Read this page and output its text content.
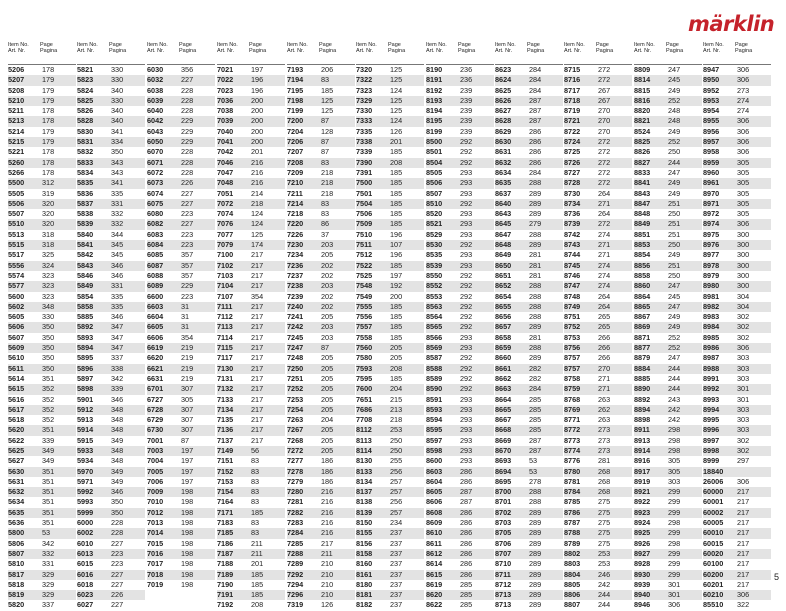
märklin
Item No.
Art. Nr.
Page
Pagina
5206 178
5207 179
5208 179
5210 179
5211 178
5213 178
5214 179
5215 179
5221 178
5260 178
5266 178
5500 312
5505 319
5506 320
5507 320
5510 320
5513 318
5515 318
5517 325
5556 324
5574 323
5577 323
5600 323
5602 348
5605 330
5606 350
5607 350
5609 350
5610 350
5611 350
5614 351
5615 352
5616 352
5617 352
5618 352
5620 351
5622 339
5625 349
5627 349
5630 351
5631 351
5632 351
5634 351
5635 351
5636 351
5800 53
5806 342
5807 332
5810 331
5817 329
5818 329
5819 329
5820 337
Item No.
Art. Nr.
Page
Pagina
5821 330
5823 330
5824 340
5825 330
5826 340
5828 340
5830 341
5831 334
5832 350
5833 343
5834 343
5835 341
5836 335
5837 331
5838 332
5839 332
5840 344
5841 345
5842 345
5843 346
5846 346
5849 331
5854 335
5858 335
5885 346
5892 347
5893 347
5894 347
5895 337
5896 338
5897 342
5898 339
5901 346
5912 348
5913 348
5914 348
5915 349
5933 348
5934 348
5970 349
5971 349
5992 346
5993 350
5999 350
6000 228
6002 228
6010 227
6013 223
6015 223
6016 227
6018 227
6023 226
6027 227
Item No.
Art. Nr.
Page
Pagina
6030 356
6032 227
6038 228
6039 228
6040 228
6042 229
6043 229
6050 229
6070 228
6071 228
6072 228
6073 226
6074 227
6075 227
6080 223
6082 227
6083 223
6084 223
6085 357
6087 357
6088 357
6089 229
6600 223
6603 31
6604 31
6605 31
6606 354
6619 219
6620 219
6621 219
6631 219
6701 307
6727 305
6728 307
6729 307
6730 307
7001 87
7003 197
7004 197
7005 197
7006 197
7009 198
7010 198
7012 198
7013 198
7014 198
7015 198
7016 198
7017 198
7018 198
7019 198
Item No.
Art. Nr.
Page
Pagina
7021 197
7022 196
7023 196
7036 200
7038 200
7039 200
7040 200
7041 200
7042 201
7046 216
7047 216
7048 216
7051 214
7072 218
7074 124
7076 124
7077 125
7079 174
7100 217
7102 217
7103 217
7104 217
7107 354
7111	217
7112 217
7113 217
7114 217
7115 217
7117 217
7130 217
7131 217
7132 217
7133 217
7134 217
7135 217
7136 217
7137 217
7149 56
7151 83
7152 83
7153 83
7154 83
7164 83
7171 185
7183 83
7185 83
7186 211
7187 211
7188 201
7189 185
7190 185
7191 185
7192 208
Item No.
Art. Nr.
Page
Pagina
7193 206
7194 83
7195 185
7198 125
7199 125
7200 87
7204 128
7206 87
7207 87
7208 83
7209 218
7210 218
7211 218
7214 83
7218 83
7220 86
7226 37
7230 203
7234 205
7236 202
7237 202
7238 203
7239 202
7240 202
7241 205
7242 203
7245 203
7247 87
7248 205
7250 205
7251 205
7252 205
7253 205
7254 205
7263 204
7267 205
7268 205
7272 205
7277 186
7278 186
7279 186
7280 216
7281 216
7282 216
7283 216
7284 216
7285 217
7288 211
7289 210
7292 210
7294 210
7296 210
7319 126
Item No.
Art. Nr.
Page
Pagina
7320 125
7322 125
7323 124
7329 125
7330 125
7333 124
7335 126
7338 201
7339 185
7390 208
7391 185
7500 185
7501 185
7504 185
7506 185
7509 185
7510 196
7511 107
7512 196
7522 185
7525 197
7548 192
7549 200
7555 185
7556 185
7557 185
7558 185
7560 205
7580 205
7593 208
7595 185
7600 204
7651 215
7686 213
7708 218
8112 253
8113 250
8114 250
8130 255
8133 256
8134 257
8137 257
8138 256
8139 257
8150 234
8155 237
8156 237
8158 237
8160 237
8161 237
8180 237
8181 237
8182 237
Item No.
Art. Nr.
Page
Pagina
8190 236
8191 236
8192 239
8193 239
8194 239
8195 239
8199 239
8500 292
8501 292
8504 292
8505 293
8506 293
8507 293
8510 292
8520 293
8521 293
8529 293
8530 292
8535 293
8539 293
8550 292
8552 292
8553 292
8563 292
8564 292
8565 292
8566 293
8569 293
8587 292
8588 292
8589 292
8590 292
8591 293
8593 293
8594 293
8595 293
8597 293
8598 293
8600 293
8603 286
8604 286
8605 287
8606 287
8608 286
8609 286
8610 286
8611 286
8612 286
8614 286
8615 286
8619 285
8620 285
8622 285
Item No.
Art. Nr.
Page
Pagina
8623 284
8624 284
8625 284
8626 287
8627 287
8628 287
8629 286
8630 286
8631 286
8632 286
8634 284
8635 288
8637 289
8640 289
8643 289
8645 279
8647 288
8648 289
8649 281
8650 281
8651 281
8652 288
8654 288
8655 288
8656 288
8657 289
8658 281
8659 288
8660 289
8661 282
8662 282
8663 284
8664 285
8665 285
8667 285
8668 285
8669 287
8670 287
8693 53
8694 53
8695 278
8700 288
8701 288
8702 289
8703 289
8705 289
8706 289
8707 289
8710 289
8711 289
8712 289
8713 289
8713 289
Item No.
Art. Nr.
Page
Pagina
8715 272
8716 272
8717 267
8718 267
8719 270
8721 270
8722 270
8724 272
8725 272
8726 272
8727 272
8728 272
8730 264
8734 271
8736 264
8739 272
8742 274
8743 271
8744 271
8745 274
8746 274
8747 274
8748 264
8749 264
8751 265
8752 265
8753 266
8756 266
8757 266
8757 270
8758 271
8759 271
8768 263
8769 262
8771 263
8772 273
8773 273
8774 273
8776 281
8780 268
8781 268
8784 268
8785 275
8786 275
8787 275
8788 275
8789 275
8802 253
8803 253
8804 246
8805 242
8806 244
8807 244
Item No.
Art. Nr.
Page
Pagina
8809 247
8814 245
8815 249
8816 252
8820 248
8821 248
8524 249
8825 252
8826 250
8827 244
8833 247
8841 249
8843 249
8847 251
8848 250
8849 251
8851 251
8853 250
8854 249
8856 251
8858 250
8860 247
8864 245
8865 247
8867 249
8869 249
8871 252
8877 252
8879 247
8884 244
8885 244
8890 244
8892 243
8894 242
8898 242
8911 298
8913 298
8914 298
8916 305
8917 305
8919 303
8921 299
8922 299
8923 299
8924 298
8925 299
8926 298
8927 299
8928 299
8930 299
8939 301
8940 301
8946 306
Item No.
Art. Nr.
Page
Pagina
8947 306
8950 306
8952 273
8953 274
8954 274
8955 306
8956 306
8957 306
8958 306
8959 305
8960 305
8961 305
8970 305
8971 305
8972 305
8974 306
8975 300
8976 300
8977 300
8978 300
8979 300
8980 300
8981 304
8982 304
8983 302
8984 302
8985 302
8986 306
8987 303
8988 303
8991 303
8992 301
8993 301
8994 303
8995 303
8996 303
8997 302
8998 302
8999 297
18840
26006 306
60000 217
60001 217
60002 217
60005 217
60010 217
60015 217
60020 217
60100 217
60200 217
60201 217
60210 306
85510 322
5
